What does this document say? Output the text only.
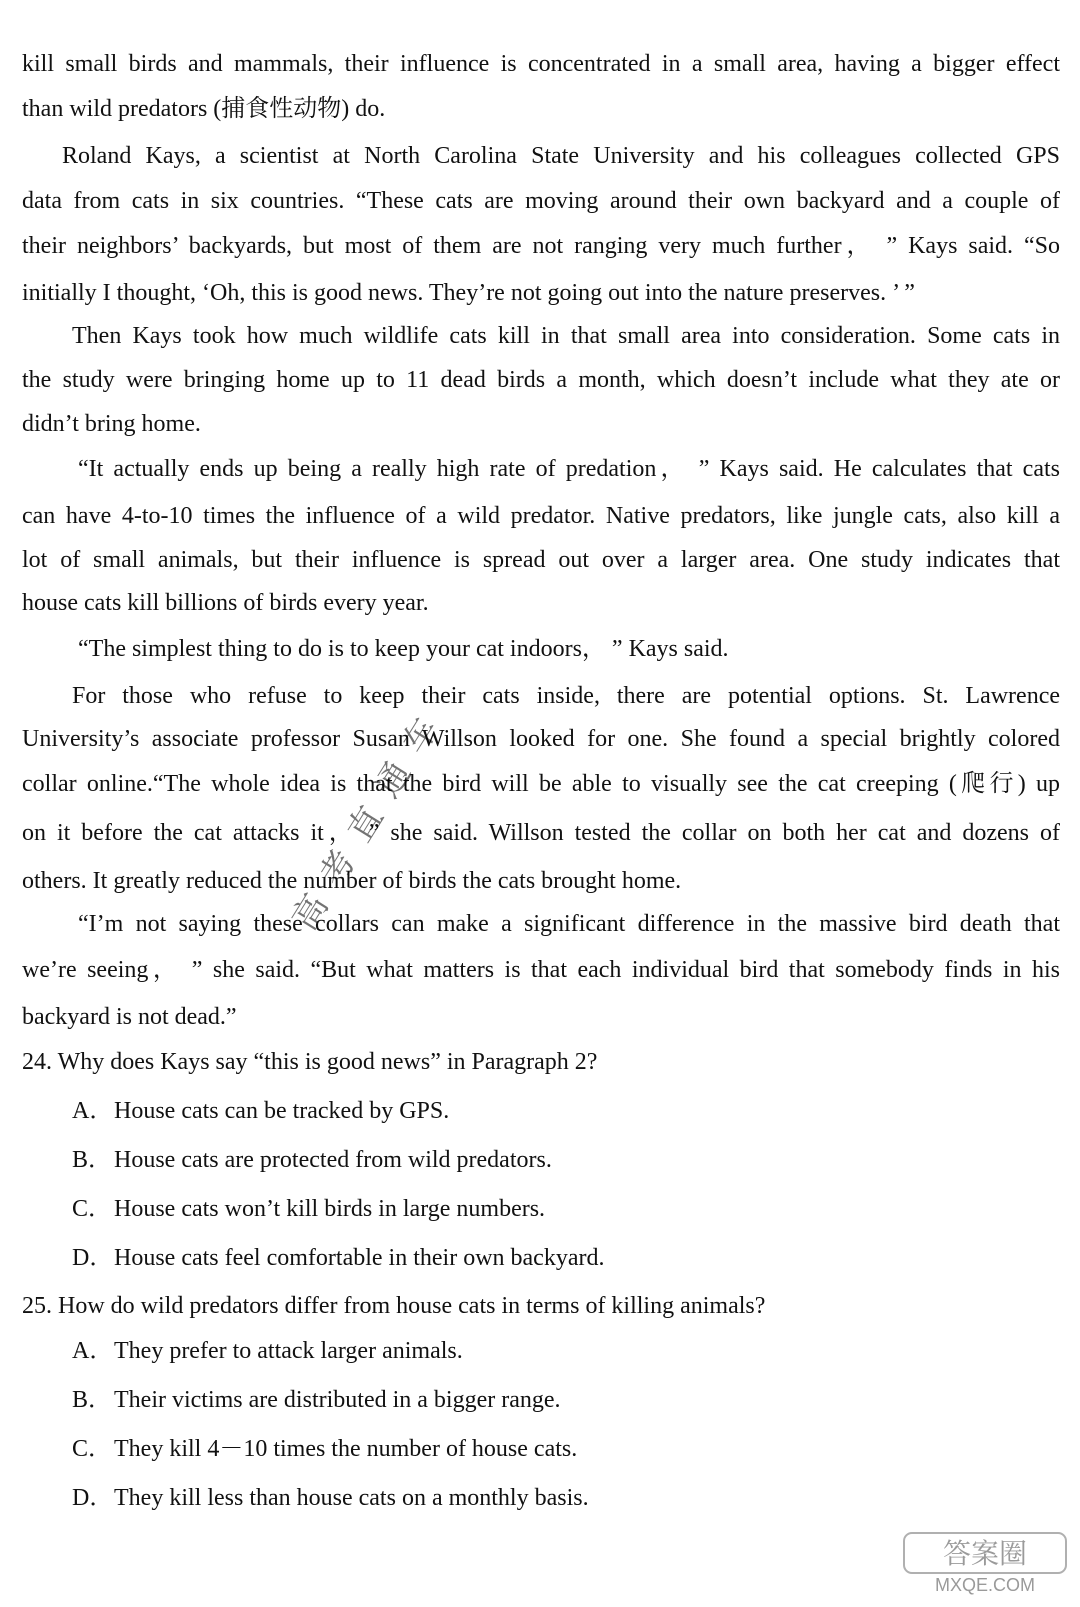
kill small birds and mammals, their influence is concentrated in a small area, having a bigger effect
than wild predators (捕食性动物) do.
Roland Kays, a scientist at North Carolina State University and his colleagues collected GPS
data from cats in six countries. “These cats are moving around their own backyard and a couple of
their neighbors’ backyards, but most of them are not ranging very much further， ” Kays said. “So
initially I thought, ‘Oh, this is good news. They’re not going out into the nature preserves. ’ ”
Then Kays took how much wildlife cats kill in that small area into consideration. Some cats in
the study were bringing home up to 11 dead birds a month, which doesn’t include what they ate or
didn’t bring home.
“It actually ends up being a really high rate of predation， ” Kays said. He calculates that cats
can have 4-to-10 times the influence of a wild predator. Native predators, like jungle cats, also kill a
lot of small animals, but their influence is spread out over a larger area. One study indicates that
house cats kill billions of birds every year.
“The simplest thing to do is to keep your cat indoors， ” Kays said.
For those who refuse to keep their cats inside, there are potential options. St. Lawrence
University’s associate professor Susan Willson looked for one. She found a special brightly colored
collar online.“The whole idea is that the bird will be able to visually see the cat creeping (爬行) up
on it before the cat attacks it， ” she said. Willson tested the collar on both her cat and dozens of
others. It greatly reduced the number of birds the cats brought home.
“I’m not saying these collars can make a significant difference in the massive bird death that
we’re seeing， ” she said. “But what matters is that each individual bird that somebody finds in his
backyard is not dead.”
24. Why does Kays say “this is good news” in Paragraph 2?
A．House cats can be tracked by GPS.
B．House cats are protected from wild predators.
C．House cats won’t kill birds in large numbers.
D．House cats feel comfortable in their own backyard.
25. How do wild predators differ from house cats in terms of killing animals?
A．They prefer to attack larger animals.
B．Their victims are distributed in a bigger range.
C．They kill 4－10 times the number of house cats.
D．They kill less than house cats on a monthly basis.
高考直通车
答案圈
MXQE.COM
